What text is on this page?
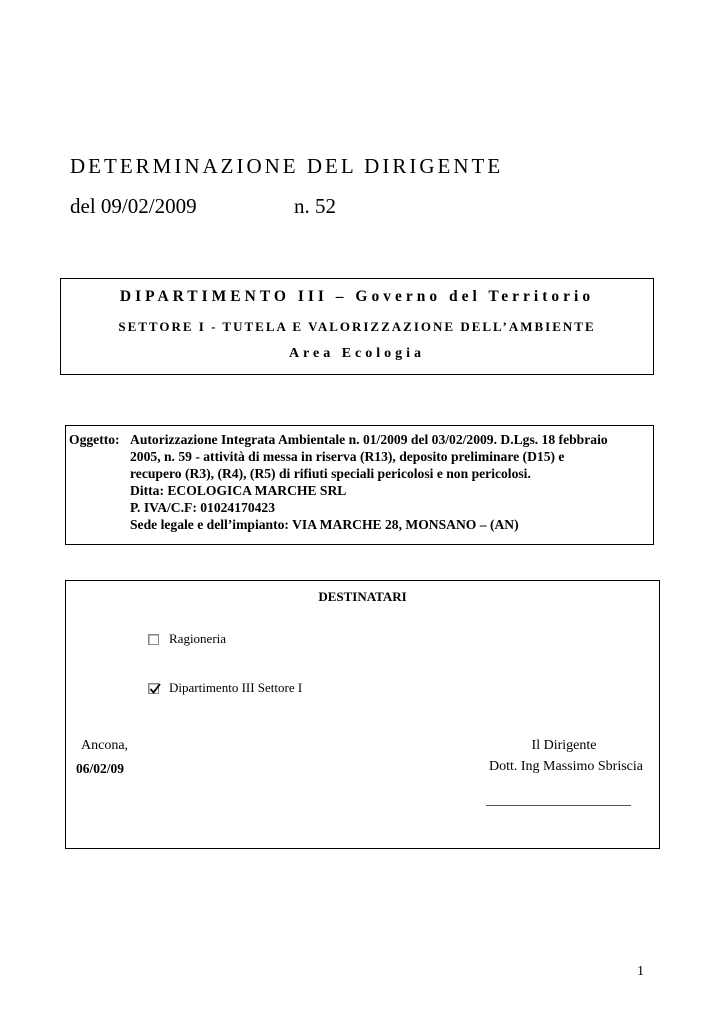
DETERMINAZIONE DEL DIRIGENTE
del 09/02/2009	n. 52
DIPARTIMENTO III – Governo del Territorio
SETTORE I - TUTELA E VALORIZZAZIONE DELL’AMBIENTE
Area Ecologia
Oggetto: Autorizzazione Integrata Ambientale n. 01/2009 del 03/02/2009. D.Lgs. 18 febbraio
2005, n. 59 - attività di messa in riserva (R13), deposito preliminare (D15) e
recupero (R3), (R4), (R5) di rifiuti speciali pericolosi e non pericolosi.
Ditta: ECOLOGICA MARCHE SRL
P. IVA/C.F: 01024170423
Sede legale e dell’impianto: VIA MARCHE 28, MONSANO – (AN)
DESTINATARI
Ragioneria
Dipartimento III Settore I
Ancona,
06/02/09
Il Dirigente
Dott. Ing Massimo Sbriscia
1
